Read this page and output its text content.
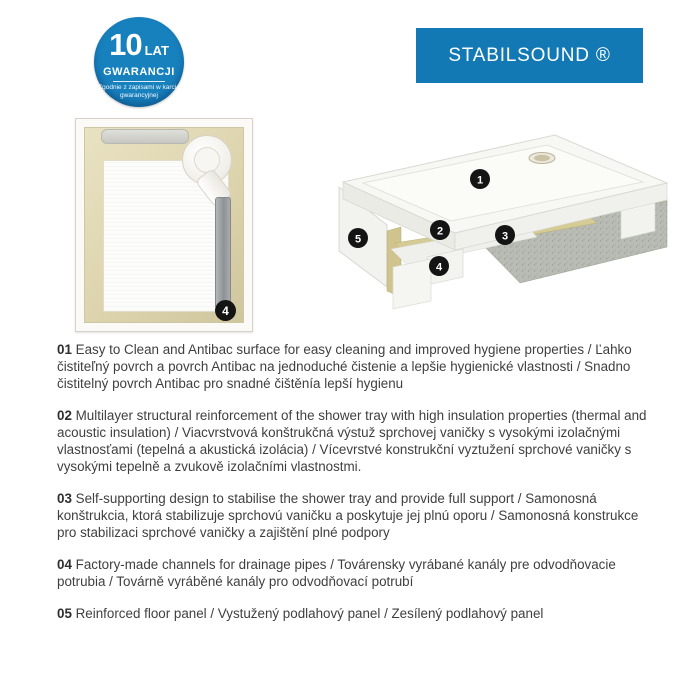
10 LAT
GWARANCJI
Zgodnie z zapisami w karcie
gwarancyjnej
STABILSOUND ®
4
1
2	3
4
5

01 Easy to Clean and Antibac surface for easy cleaning and improved hygiene properties / Ľahko čistiteľný povrch a povrch Antibac na jednoduché čistenie a lepšie hygienické vlastnosti / Snadno čistitelný povrch Antibac pro snadné čištěnía lepší hygienu

02 Multilayer structural reinforcement of the shower tray with high insulation properties (thermal and acoustic insulation) / Viacvrstvová konštrukčná výstuž sprchovej vaničky s vysokými izolačnými vlastnosťami (tepelná a akustická izolácia) / Vícevrstvé konstrukční vyztužení sprchové vaničky s vysokými tepelně a zvukově izolačními vlastnostmi.

03 Self-supporting design to stabilise the shower tray and provide full support / Samonosná konštrukcia, ktorá stabilizuje sprchovú vaničku a poskytuje jej plnú oporu / Samonosná konstrukce pro stabilizaci sprchové vaničky a zajištění plné podpory

04 Factory-made channels for drainage pipes / Továrensky vyrábané kanály pre odvodňovacie potrubia / Továrně vyráběné kanály pro odvodňovací potrubí

05 Reinforced floor panel / Vystužený podlahový panel / Zesílený podlahový panel
